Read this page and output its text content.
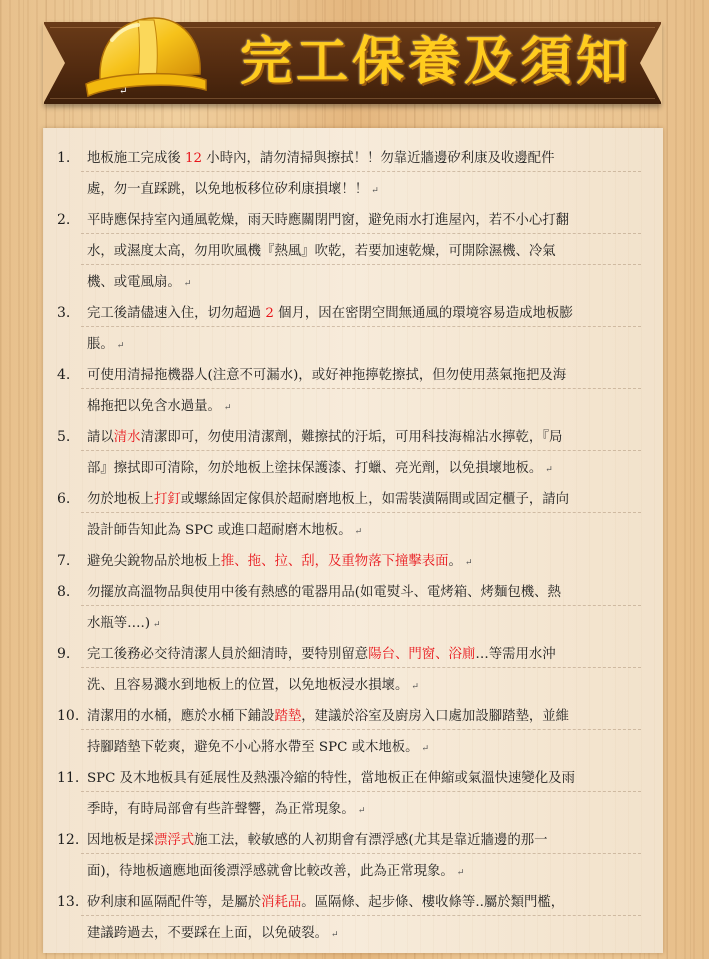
完工保養及須知
↵
1. 地板施工完成後 12 小時內，請勿清掃與擦拭！！勿靠近牆邊矽利康及收邊配件
處，勿一直踩跳，以免地板移位矽利康損壞！！ ↵
2. 平時應保持室內通風乾燥，雨天時應關閉門窗，避免雨水打進屋內，若不小心打翻
水，或濕度太高，勿用吹風機『熱風』吹乾，若要加速乾燥，可開除濕機、冷氣
機、或電風扇。 ↵
3. 完工後請儘速入住，切勿超過 2 個月，因在密閉空間無通風的環境容易造成地板膨
脹。 ↵
4. 可使用清掃拖機器人(注意不可漏水)，或好神拖擰乾擦拭，但勿使用蒸氣拖把及海
棉拖把以免含水過量。 ↵
5. 請以清水清潔即可，勿使用清潔劑，難擦拭的汙垢，可用科技海棉沾水擰乾，『局
部』擦拭即可清除，勿於地板上塗抹保護漆、打蠟、亮光劑，以免損壞地板。 ↵
6. 勿於地板上打釘或螺絲固定傢俱於超耐磨地板上，如需裝潢隔間或固定櫃子，請向
設計師告知此為 SPC 或進口超耐磨木地板。 ↵
7. 避免尖銳物品於地板上推、拖、拉、刮，及重物落下撞擊表面。 ↵
8. 勿擺放高溫物品與使用中後有熱感的電器用品(如電熨斗、電烤箱、烤麵包機、熱
水瓶等….) ↵
9. 完工後務必交待清潔人員於細清時，要特別留意陽台、門窗、浴廁…等需用水沖
洗、且容易濺水到地板上的位置，以免地板浸水損壞。 ↵
10. 清潔用的水桶，應於水桶下鋪設踏墊，建議於浴室及廚房入口處加設腳踏墊，並維
持腳踏墊下乾爽，避免不小心將水帶至 SPC 或木地板。 ↵
11. SPC 及木地板具有延展性及熱漲冷縮的特性，當地板正在伸縮或氣溫快速變化及雨
季時，有時局部會有些許聲響，為正常現象。 ↵
12. 因地板是採漂浮式施工法，較敏感的人初期會有漂浮感(尤其是靠近牆邊的那一
面)，待地板適應地面後漂浮感就會比較改善，此為正常現象。 ↵
13. 矽利康和區隔配件等，是屬於消耗品。區隔條、起步條、樓收條等..屬於類門檻，
建議跨過去，不要踩在上面，以免破裂。 ↵
